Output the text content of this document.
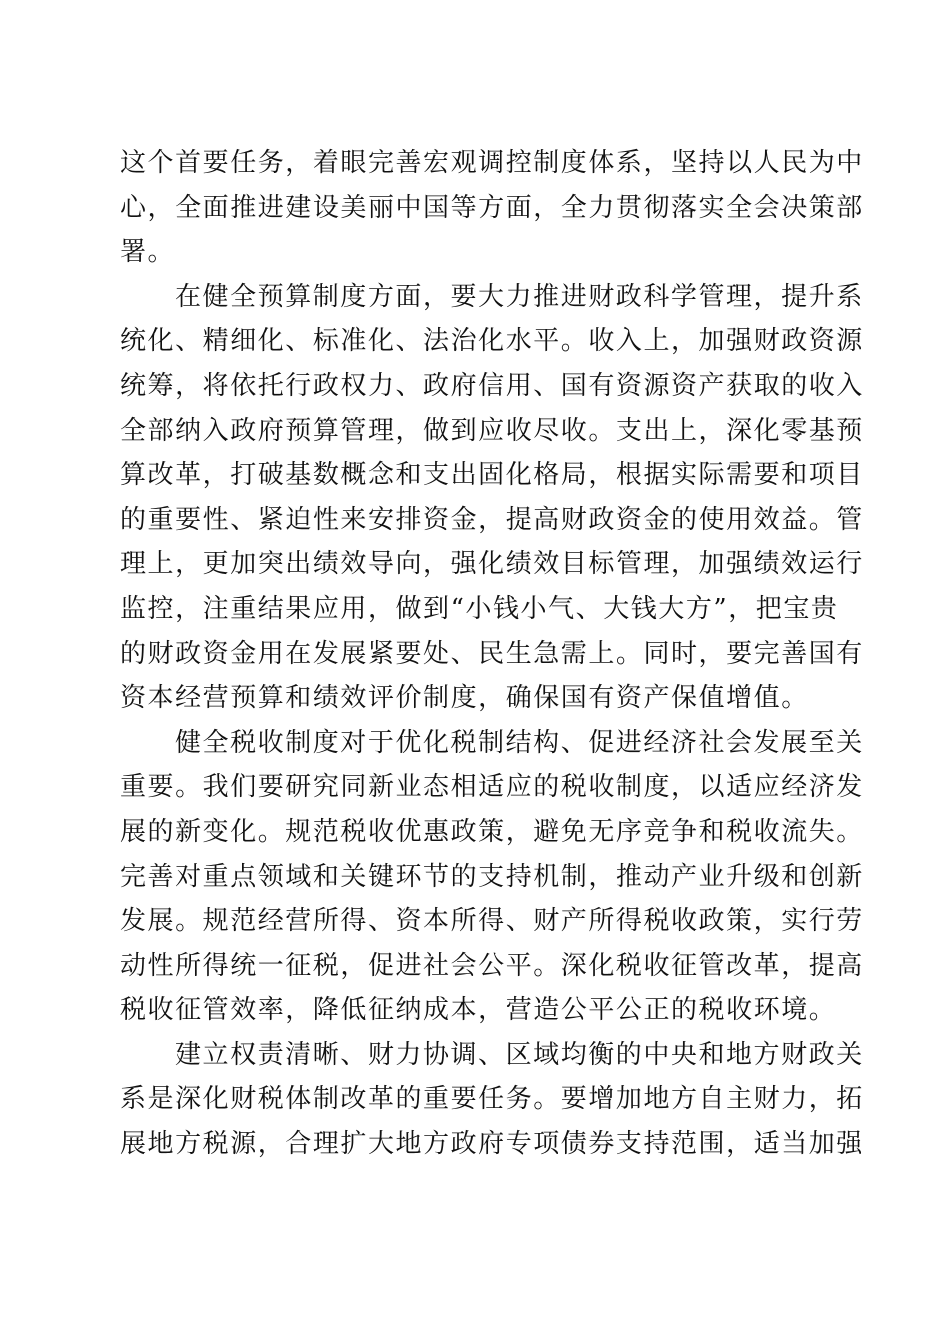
这个首要任务，着眼完善宏观调控制度体系，坚持以人民为中
心，全面推进建设美丽中国等方面，全力贯彻落实全会决策部
署。
在健全预算制度方面，要大力推进财政科学管理，提升系
统化、精细化、标准化、法治化水平。收入上，加强财政资源
统筹，将依托行政权力、政府信用、国有资源资产获取的收入
全部纳入政府预算管理，做到应收尽收。支出上，深化零基预
算改革，打破基数概念和支出固化格局，根据实际需要和项目
的重要性、紧迫性来安排资金，提高财政资金的使用效益。管
理上，更加突出绩效导向，强化绩效目标管理，加强绩效运行
监控，注重结果应用，做到“小钱小气、大钱大方”，把宝贵
的财政资金用在发展紧要处、民生急需上。同时，要完善国有
资本经营预算和绩效评价制度，确保国有资产保值增值。
健全税收制度对于优化税制结构、促进经济社会发展至关
重要。我们要研究同新业态相适应的税收制度，以适应经济发
展的新变化。规范税收优惠政策，避免无序竞争和税收流失。
完善对重点领域和关键环节的支持机制，推动产业升级和创新
发展。规范经营所得、资本所得、财产所得税收政策，实行劳
动性所得统一征税，促进社会公平。深化税收征管改革，提高
税收征管效率，降低征纳成本，营造公平公正的税收环境。
建立权责清晰、财力协调、区域均衡的中央和地方财政关
系是深化财税体制改革的重要任务。要增加地方自主财力，拓
展地方税源，合理扩大地方政府专项债券支持范围，适当加强
